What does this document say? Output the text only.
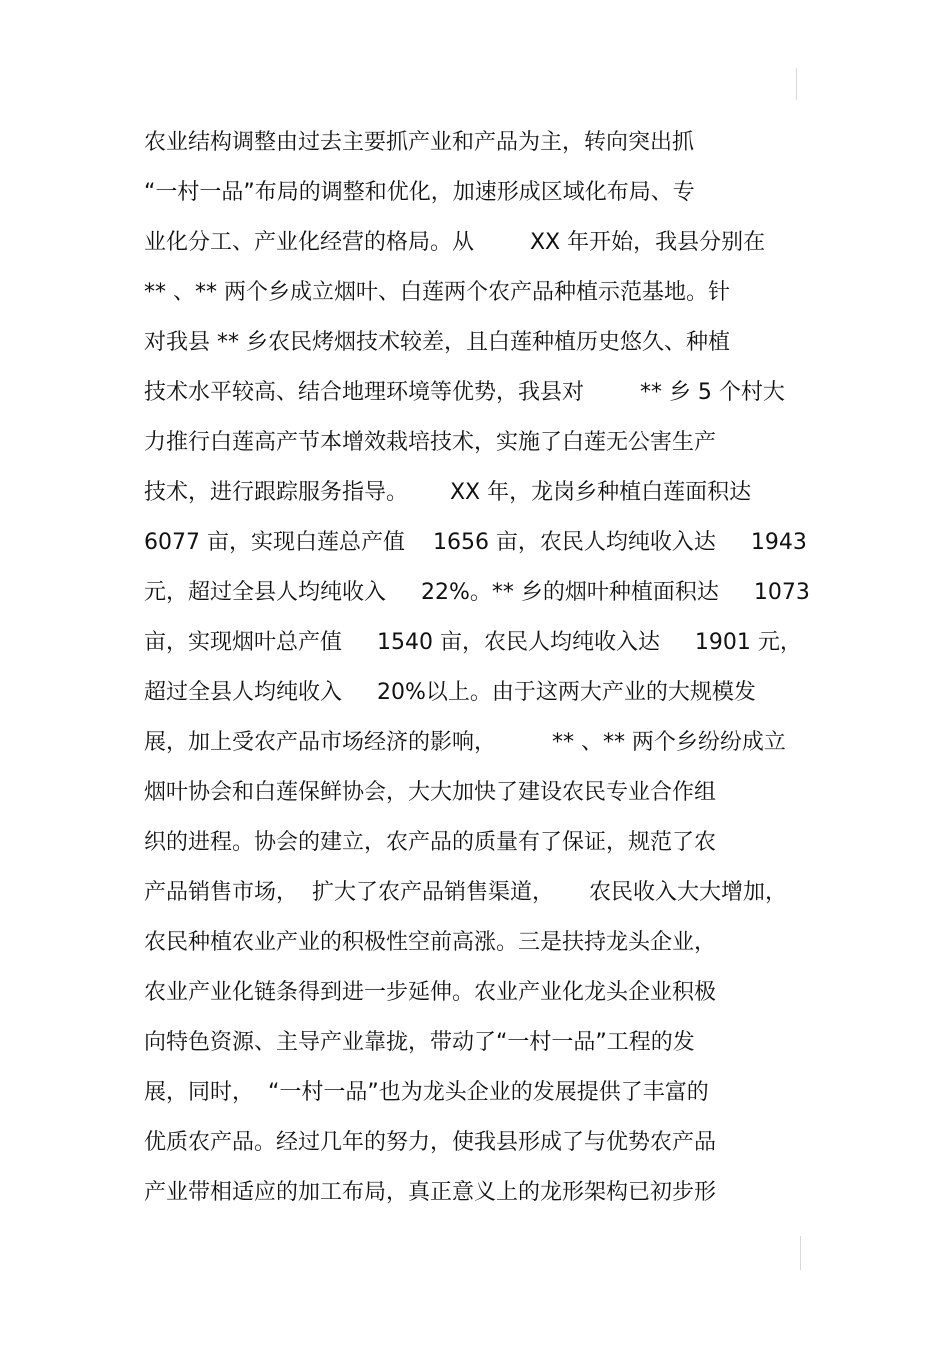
农业结构调整由过去主要抓产业和产品为主，转向突出抓
“一村一品”布局的调整和优化，加速形成区域化布局、专
业化分工、产业化经营的格局。从        XX 年开始，我县分别在
** 、** 两个乡成立烟叶、白莲两个农产品种植示范基地。针
对我县 ** 乡农民烤烟技术较差，且白莲种植历史悠久、种植
技术水平较高、结合地理环境等优势，我县对        ** 乡 5 个村大
力推行白莲高产节本增效栽培技术，实施了白莲无公害生产
技术，进行跟踪服务指导。      XX 年，龙岗乡种植白莲面积达
6077 亩，实现白莲总产值    1656 亩，农民人均纯收入达     1943
元，超过全县人均纯收入     22%。** 乡的烟叶种植面积达     1073
亩，实现烟叶总产值     1540 亩，农民人均纯收入达     1901 元，
超过全县人均纯收入     20%以上。由于这两大产业的大规模发
展，加上受农产品市场经济的影响，        ** 、** 两个乡纷纷成立
烟叶协会和白莲保鲜协会，大大加快了建设农民专业合作组
织的进程。协会的建立，农产品的质量有了保证，规范了农
产品销售市场，  扩大了农产品销售渠道，     农民收入大大增加，
农民种植农业产业的积极性空前高涨。三是扶持龙头企业，
农业产业化链条得到进一步延伸。农业产业化龙头企业积极
向特色资源、主导产业靠拢，带动了“一村一品”工程的发
展，同时，  “一村一品”也为龙头企业的发展提供了丰富的
优质农产品。经过几年的努力，使我县形成了与优势农产品
产业带相适应的加工布局，真正意义上的龙形架构已初步形
